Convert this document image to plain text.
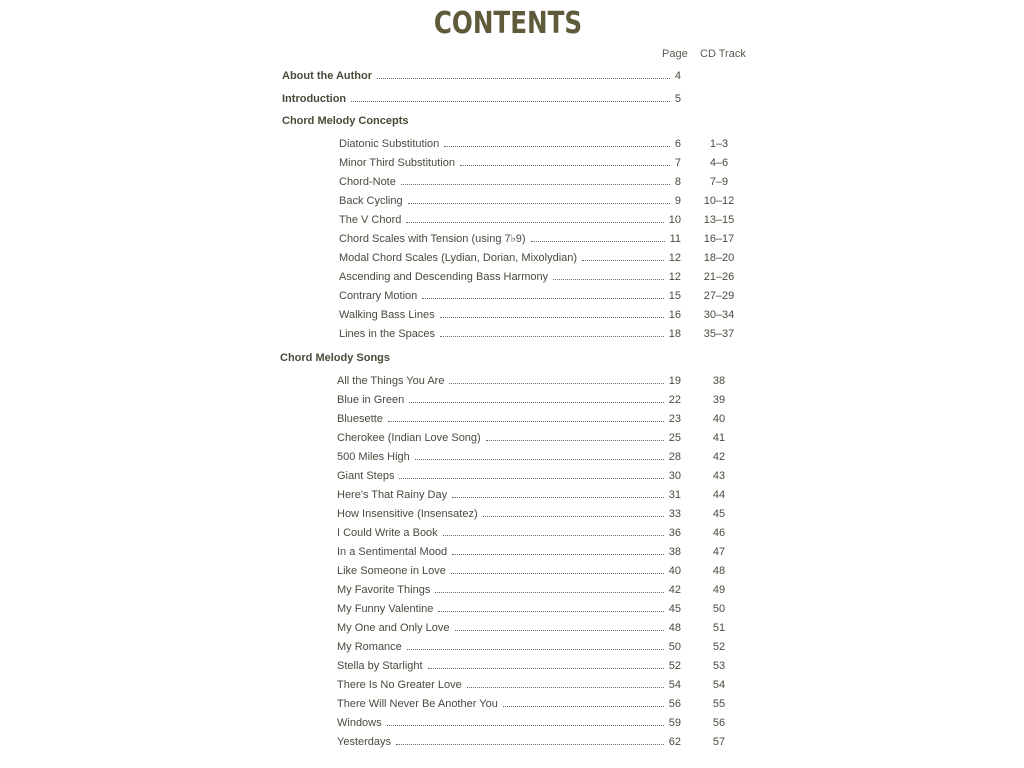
CONTENTS
Page CD Track
About the Author	4
Introduction	5
Chord Melody Concepts
Diatonic Substitution	6	1–3
Minor Third Substitution	7	4–6
Chord-Note	8	7–9
Back Cycling	9	10–12
The V Chord	10	13–15
Chord Scales with Tension (using 7♭9)	11	16–17
Modal Chord Scales (Lydian, Dorian, Mixolydian)	12	18–20
Ascending and Descending Bass Harmony	12	21–26
Contrary Motion	15	27–29
Walking Bass Lines	16	30–34
Lines in the Spaces	18	35–37
Chord Melody Songs
All the Things You Are	19	38
Blue in Green	22	39
Bluesette	23	40
Cherokee (Indian Love Song)	25	41
500 Miles High	28	42
Giant Steps	30	43
Here's That Rainy Day	31	44
How Insensitive (Insensatez)	33	45
I Could Write a Book	36	46
In a Sentimental Mood	38	47
Like Someone in Love	40	48
My Favorite Things	42	49
My Funny Valentine	45	50
My One and Only Love	48	51
My Romance	50	52
Stella by Starlight	52	53
There Is No Greater Love	54	54
There Will Never Be Another You	56	55
Windows	59	56
Yesterdays	62	57
